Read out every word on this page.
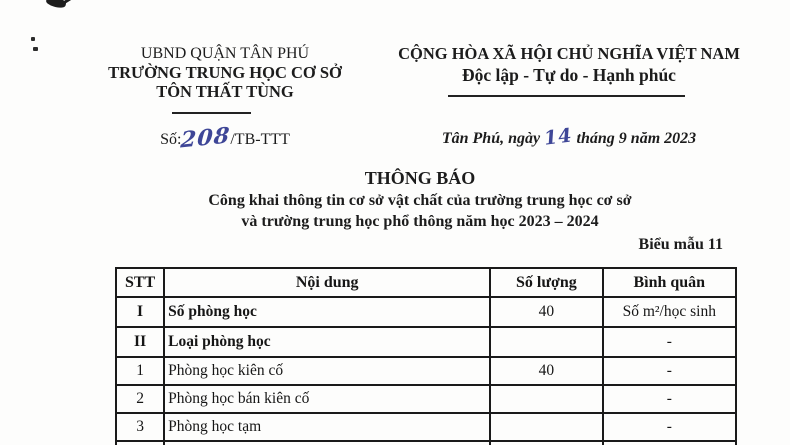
UBND QUẬN TÂN PHÚ
TRƯỜNG TRUNG HỌC CƠ SỞ
TÔN THẤT TÙNG
Số:208/TB-TTT
CỘNG HÒA XÃ HỘI CHỦ NGHĨA VIỆT NAM
Độc lập - Tự do - Hạnh phúc
Tân Phú, ngày 14 tháng 9 năm 2023
THÔNG BÁO
Công khai thông tin cơ sở vật chất của trường trung học cơ sở
và trường trung học phổ thông năm học 2023 – 2024
Biểu mẫu 11
STT	Nội dung	Số lượng	Bình quân
I	Số phòng học	40	Số m²/học sinh
II	Loại phòng học		-
1	Phòng học kiên cố	40	-
2	Phòng học bán kiên cố		-
3	Phòng học tạm		-
